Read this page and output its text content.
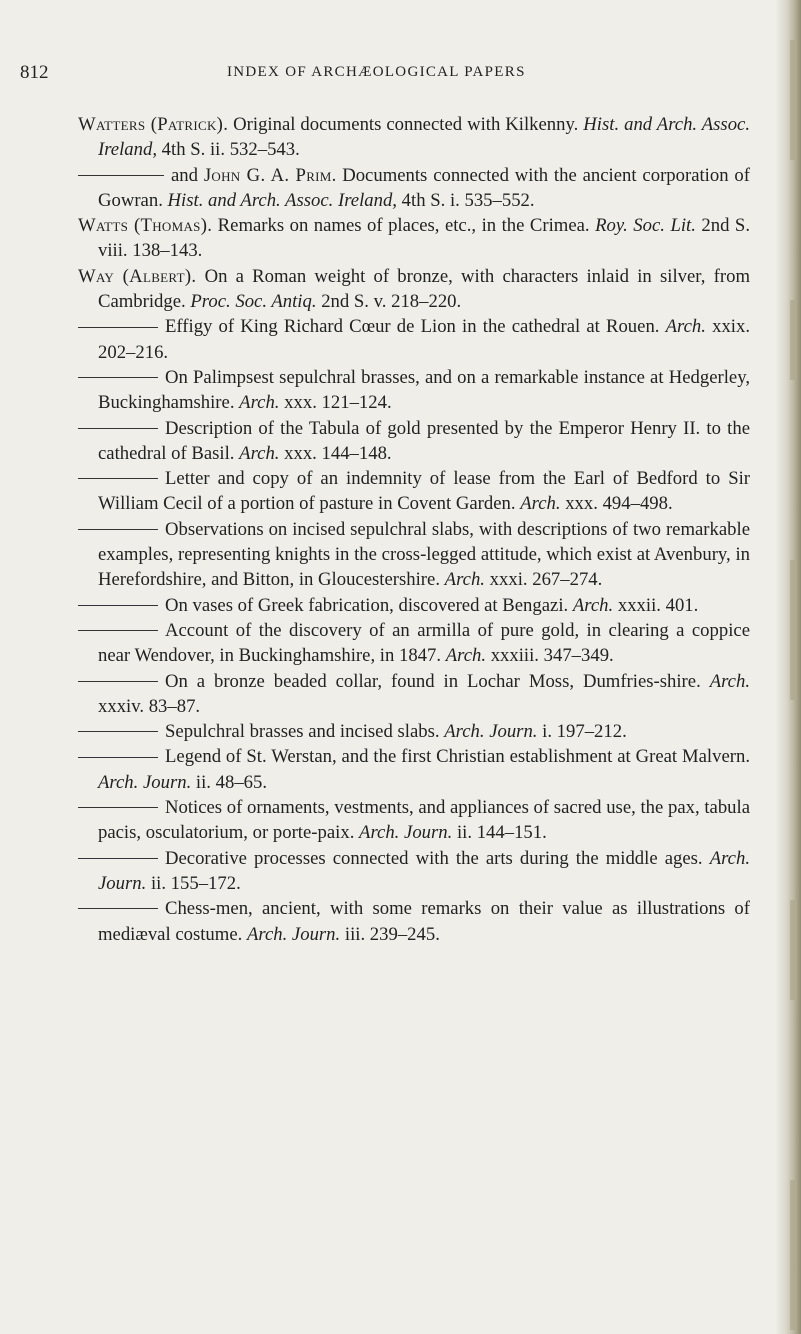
812	INDEX OF ARCHÆOLOGICAL PAPERS

Watters (Patrick). Original documents connected with Kilkenny. Hist. and Arch. Assoc. Ireland, 4th S. ii. 532–543.

and John G. A. Prim. Documents connected with the ancient corporation of Gowran. Hist. and Arch. Assoc. Ireland, 4th S. i. 535–552.

Watts (Thomas). Remarks on names of places, etc., in the Crimea. Roy. Soc. Lit. 2nd S. viii. 138–143.

Way (Albert). On a Roman weight of bronze, with characters inlaid in silver, from Cambridge. Proc. Soc. Antiq. 2nd S. v. 218–220.

Effigy of King Richard Cœur de Lion in the cathedral at Rouen. Arch. xxix. 202–216.

On Palimpsest sepulchral brasses, and on a remarkable instance at Hedgerley, Buckinghamshire. Arch. xxx. 121–124.

Description of the Tabula of gold presented by the Emperor Henry II. to the cathedral of Basil. Arch. xxx. 144–148.

Letter and copy of an indemnity of lease from the Earl of Bedford to Sir William Cecil of a portion of pasture in Covent Garden. Arch. xxx. 494–498.

Observations on incised sepulchral slabs, with descriptions of two remarkable examples, representing knights in the cross-legged attitude, which exist at Avenbury, in Herefordshire, and Bitton, in Gloucestershire. Arch. xxxi. 267–274.

On vases of Greek fabrication, discovered at Bengazi. Arch. xxxii. 401.

Account of the discovery of an armilla of pure gold, in clearing a coppice near Wendover, in Buckinghamshire, in 1847. Arch. xxxiii. 347–349.

On a bronze beaded collar, found in Lochar Moss, Dumfries-shire. Arch. xxxiv. 83–87.

Sepulchral brasses and incised slabs. Arch. Journ. i. 197–212.

Legend of St. Werstan, and the first Christian establishment at Great Malvern. Arch. Journ. ii. 48–65.

Notices of ornaments, vestments, and appliances of sacred use, the pax, tabula pacis, osculatorium, or porte-paix. Arch. Journ. ii. 144–151.

Decorative processes connected with the arts during the middle ages. Arch. Journ. ii. 155–172.

Chess-men, ancient, with some remarks on their value as illustrations of mediæval costume. Arch. Journ. iii. 239–245.
